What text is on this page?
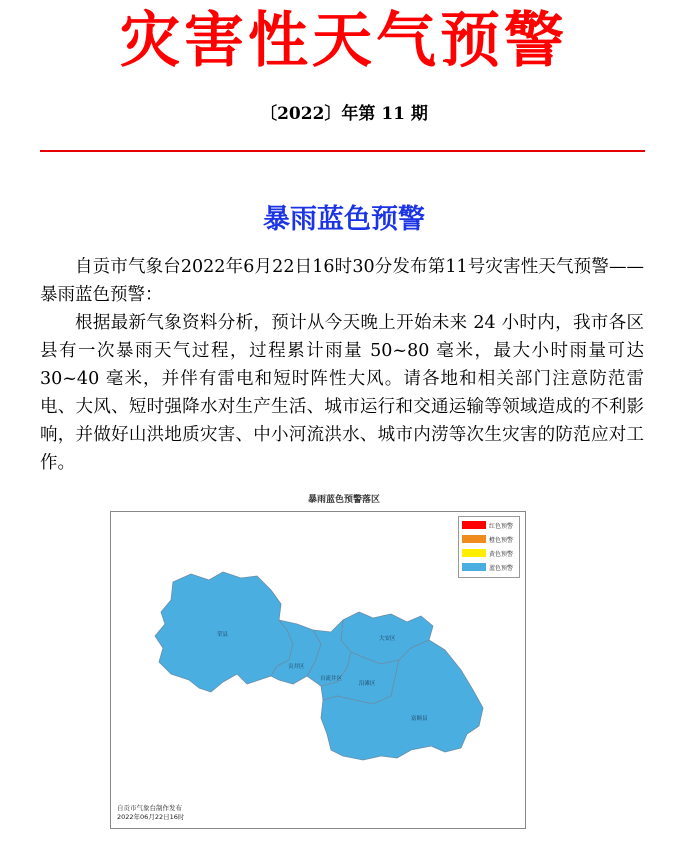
灾害性天气预警
〔2022〕年第 11 期
暴雨蓝色预警

自贡市气象台2022年6月22日16时30分发布第11号灾害性天气预警——暴雨蓝色预警：

根据最新气象资料分析，预计从今天晚上开始未来 24 小时内，我市各区县有一次暴雨天气过程，过程累计雨量 50~80 毫米，最大小时雨量可达 30~40 毫米，并伴有雷电和短时阵性大风。请各地和相关部门注意防范雷电、大风、短时强降水对生产生活、城市运行和交通运输等领域造成的不利影响，并做好山洪地质灾害、中小河流洪水、城市内涝等次生灾害的防范应对工作。

暴雨蓝色预警落区
荣县
贡井区
大安区
自流井区
沿滩区
富顺县
红色预警
橙色预警
黄色预警
蓝色预警
自贡市气象台制作发布
2022年06月22日16时
